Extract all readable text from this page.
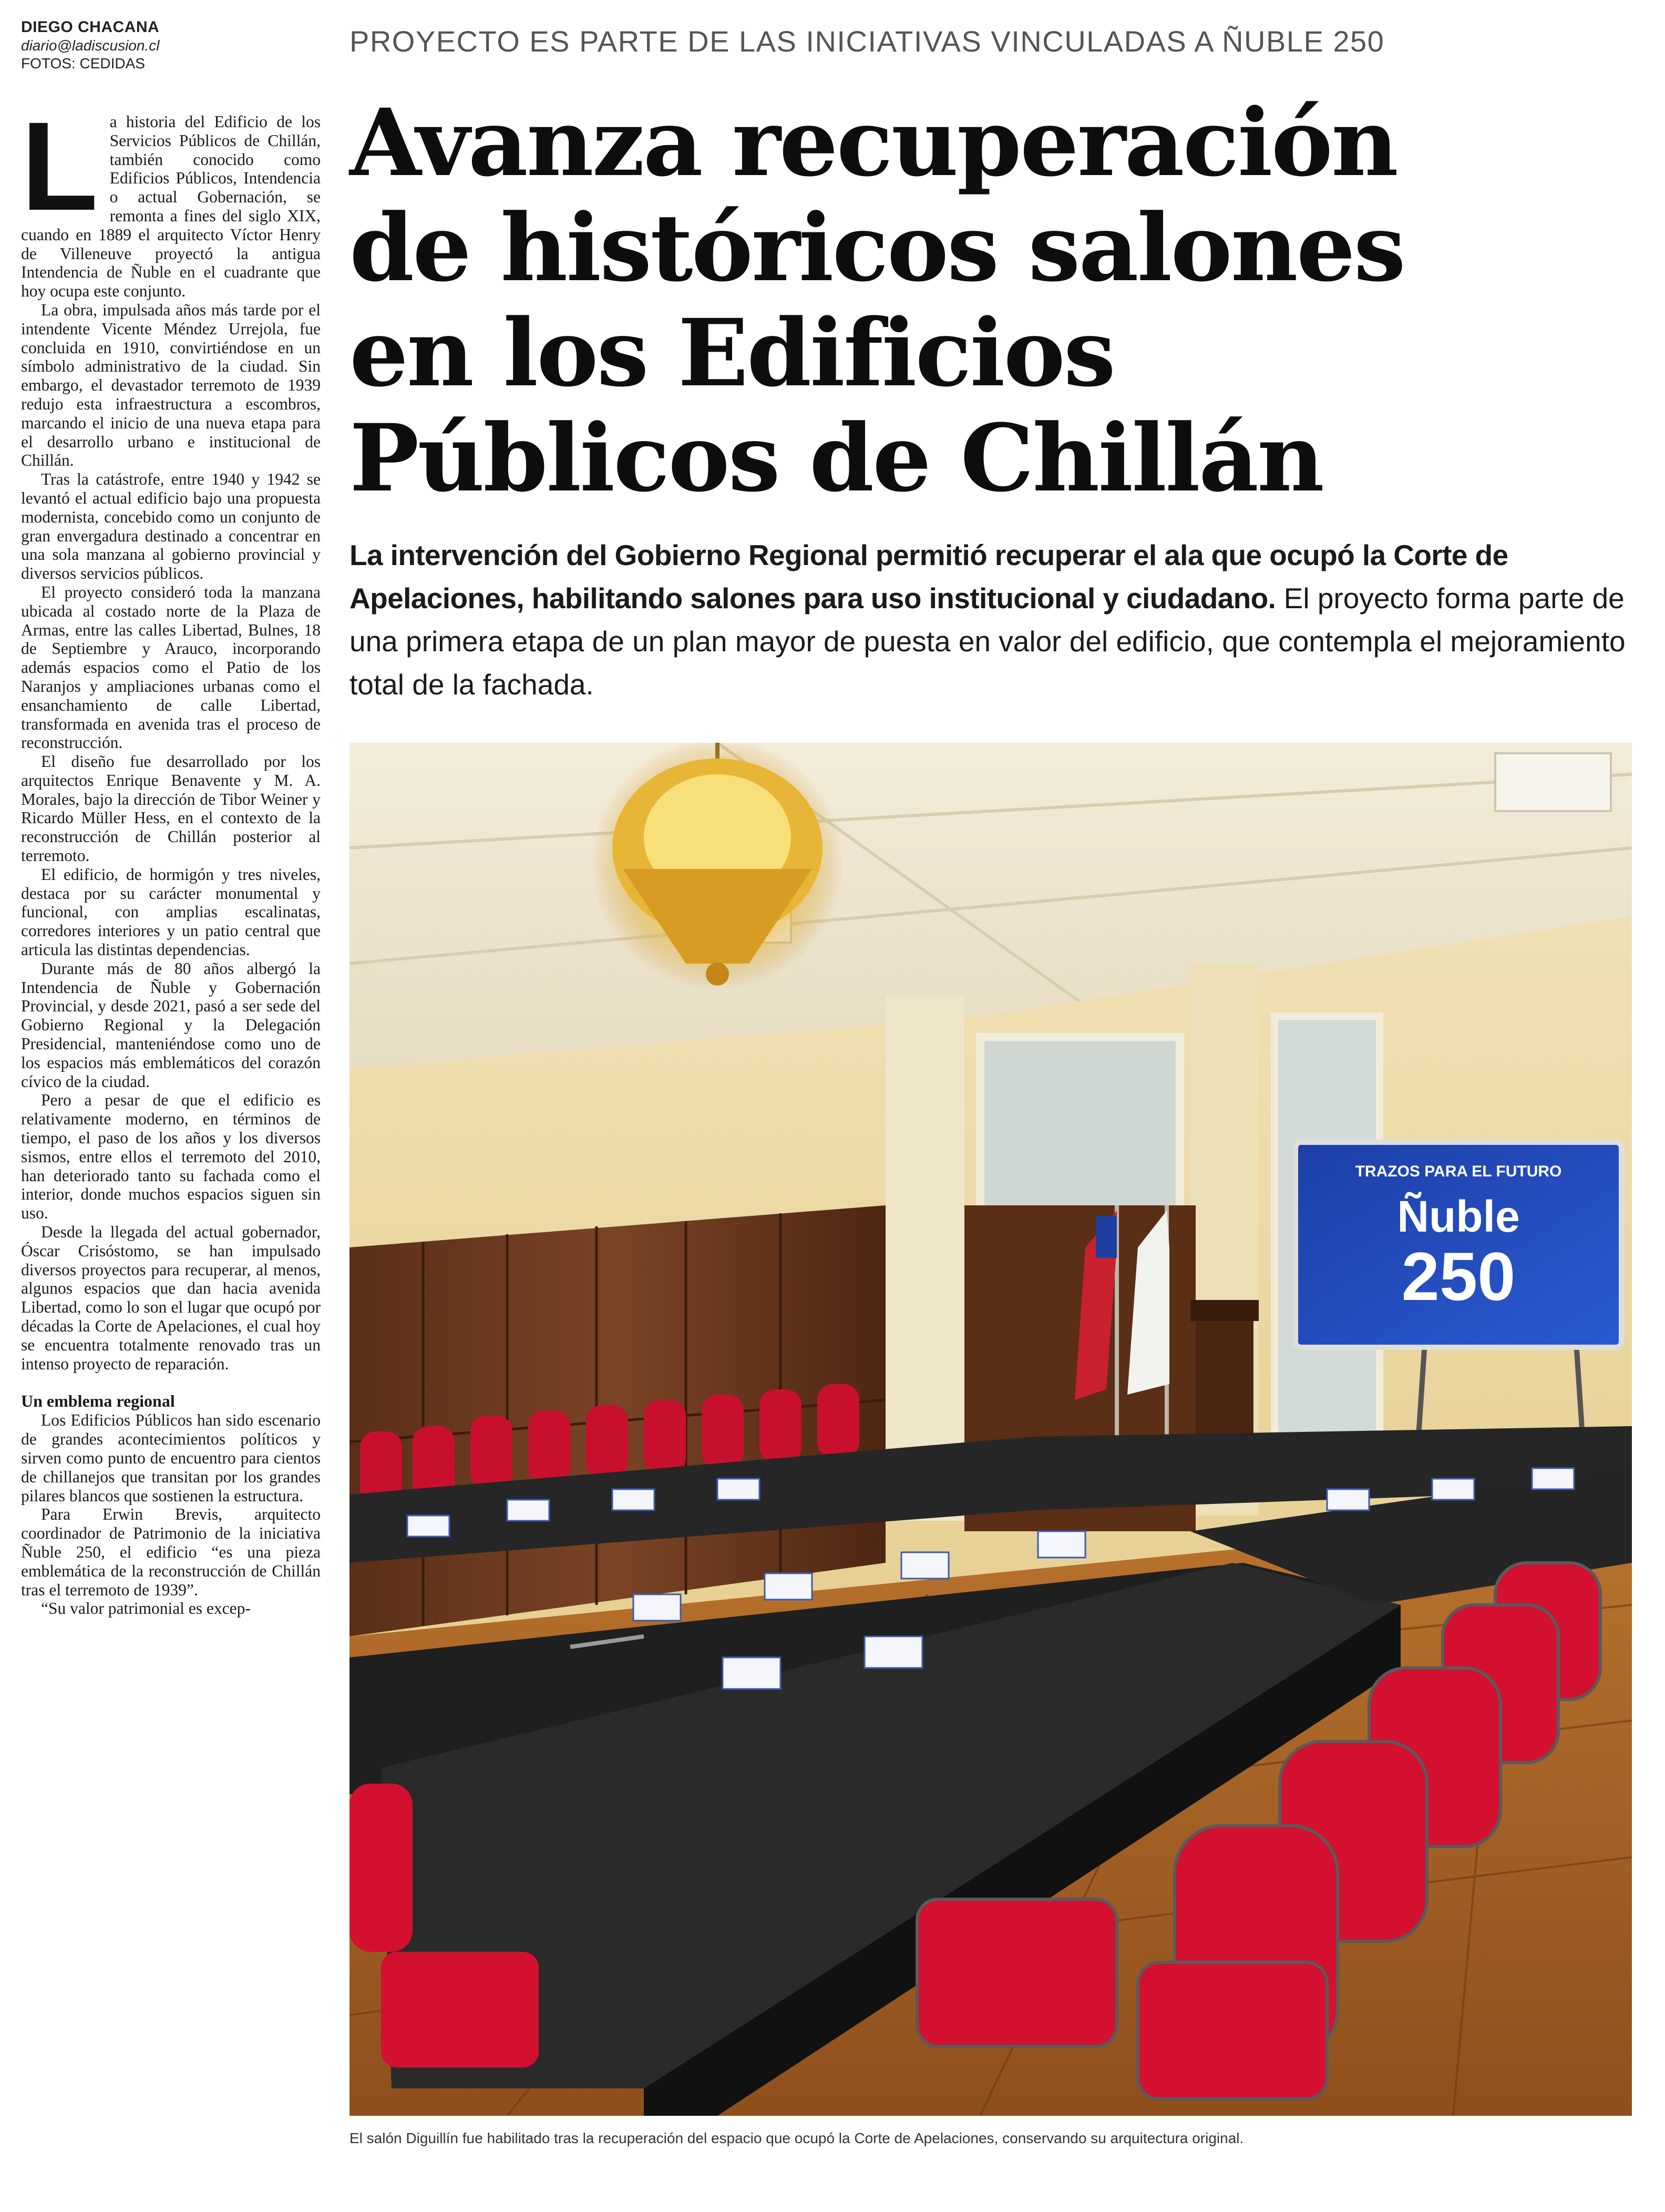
DIEGO CHACANA
diario@ladiscusion.cl
FOTOS: CEDIDAS
PROYECTO ES PARTE DE LAS INICIATIVAS VINCULADAS A ÑUBLE 250
Avanza recuperación
de históricos salones
en los Edificios
Públicos de Chillán
La intervención del Gobierno Regional permitió recuperar el ala que ocupó la Corte de Apelaciones, habilitando salones para uso institucional y ciudadano. El proyecto forma parte de una primera etapa de un plan mayor de puesta en valor del edificio, que contempla el mejoramiento total de la fachada.

La historia del Edificio de los Servicios Públicos de Chillán, también conocido como Edificios Públicos, Intendencia o actual Gobernación, se remonta a fines del siglo XIX, cuando en 1889 el arquitecto Víctor Henry de Villeneuve proyectó la antigua Intendencia de Ñuble en el cuadrante que hoy ocupa este conjunto.

La obra, impulsada años más tarde por el intendente Vicente Méndez Urrejola, fue concluida en 1910, convirtiéndose en un símbolo administrativo de la ciudad. Sin embargo, el devastador terremoto de 1939 redujo esta infraestructura a escombros, marcando el inicio de una nueva etapa para el desarrollo urbano e institucional de Chillán.

Tras la catástrofe, entre 1940 y 1942 se levantó el actual edificio bajo una propuesta modernista, concebido como un conjunto de gran envergadura destinado a concentrar en una sola manzana al gobierno provincial y diversos servicios públicos.

El proyecto consideró toda la manzana ubicada al costado norte de la Plaza de Armas, entre las calles Libertad, Bulnes, 18 de Septiembre y Arauco, incorporando además espacios como el Patio de los Naranjos y ampliaciones urbanas como el ensanchamiento de calle Libertad, transformada en avenida tras el proceso de reconstrucción.

El diseño fue desarrollado por los arquitectos Enrique Benavente y M. A. Morales, bajo la dirección de Tibor Weiner y Ricardo Müller Hess, en el contexto de la reconstrucción de Chillán posterior al terremoto.

El edificio, de hormigón y tres niveles, destaca por su carácter monumental y funcional, con amplias escalinatas, corredores interiores y un patio central que articula las distintas dependencias.

Durante más de 80 años albergó la Intendencia de Ñuble y Gobernación Provincial, y desde 2021, pasó a ser sede del Gobierno Regional y la Delegación Presidencial, manteniéndose como uno de los espacios más emblemáticos del corazón cívico de la ciudad.

Pero a pesar de que el edificio es relativamente moderno, en términos de tiempo, el paso de los años y los diversos sismos, entre ellos el terremoto del 2010, han deteriorado tanto su fachada como el interior, donde muchos espacios siguen sin uso.

Desde la llegada del actual gobernador, Óscar Crisóstomo, se han impulsado diversos proyectos para recuperar, al menos, algunos espacios que dan hacia avenida Libertad, como lo son el lugar que ocupó por décadas la Corte de Apelaciones, el cual hoy se encuentra totalmente renovado tras un intenso proyecto de reparación.

Un emblema regional

Los Edificios Públicos han sido escenario de grandes acontecimientos políticos y sirven como punto de encuentro para cientos de chillanejos que transitan por los grandes pilares blancos que sostienen la estructura.

Para Erwin Brevis, arquitecto coordinador de Patrimonio de la iniciativa Ñuble 250, el edificio “es una pieza emblemática de la reconstrucción de Chillán tras el terremoto de 1939”.

“Su valor patrimonial es excep-

TRAZOS PARA EL FUTURO
Ñuble
250
El salón Diguillín fue habilitado tras la recuperación del espacio que ocupó la Corte de Apelaciones, conservando su arquitectura original.
